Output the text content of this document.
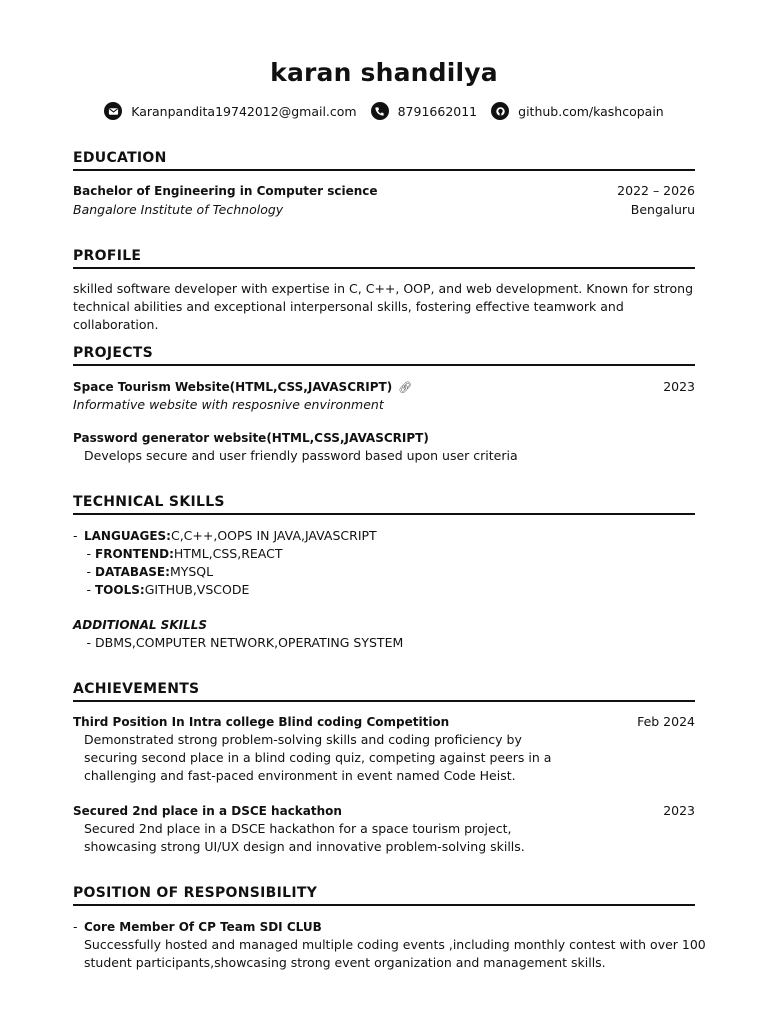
karan shandilya
Karanpandita19742012@gmail.com	8791662011	github.com/kashcopain
EDUCATION
Bachelor of Engineering in Computer science	2022 – 2026
Bangalore Institute of Technology	Bengaluru
PROFILE
skilled software developer with expertise in C, C++, OOP, and web development. Known for strong
technical abilities and exceptional interpersonal skills, fostering effective teamwork and collaboration.
PROJECTS
Space Tourism Website(HTML,CSS,JAVASCRIPT) 🔗︎	2023
Informative website with resposnive environment
Password generator website(HTML,CSS,JAVASCRIPT)
Develops secure and user friendly password based upon user criteria
TECHNICAL SKILLS
- LANGUAGES:C,C++,OOPS IN JAVA,JAVASCRIPT
- FRONTEND:HTML,CSS,REACT
- DATABASE:MYSQL
- TOOLS:GITHUB,VSCODE
ADDITIONAL SKILLS
- DBMS,COMPUTER NETWORK,OPERATING SYSTEM
ACHIEVEMENTS
Third Position In Intra college Blind coding Competition	Feb 2024
Demonstrated strong problem-solving skills and coding proficiency by
securing second place in a blind coding quiz, competing against peers in a
challenging and fast-paced environment in event named Code Heist.
Secured 2nd place in a DSCE hackathon	2023
Secured 2nd place in a DSCE hackathon for a space tourism project,
showcasing strong UI/UX design and innovative problem-solving skills.
POSITION OF RESPONSIBILITY
- Core Member Of CP Team SDI CLUB
Successfully hosted and managed multiple coding events ,including monthly contest with over 100
student participants,showcasing strong event organization and management skills.
